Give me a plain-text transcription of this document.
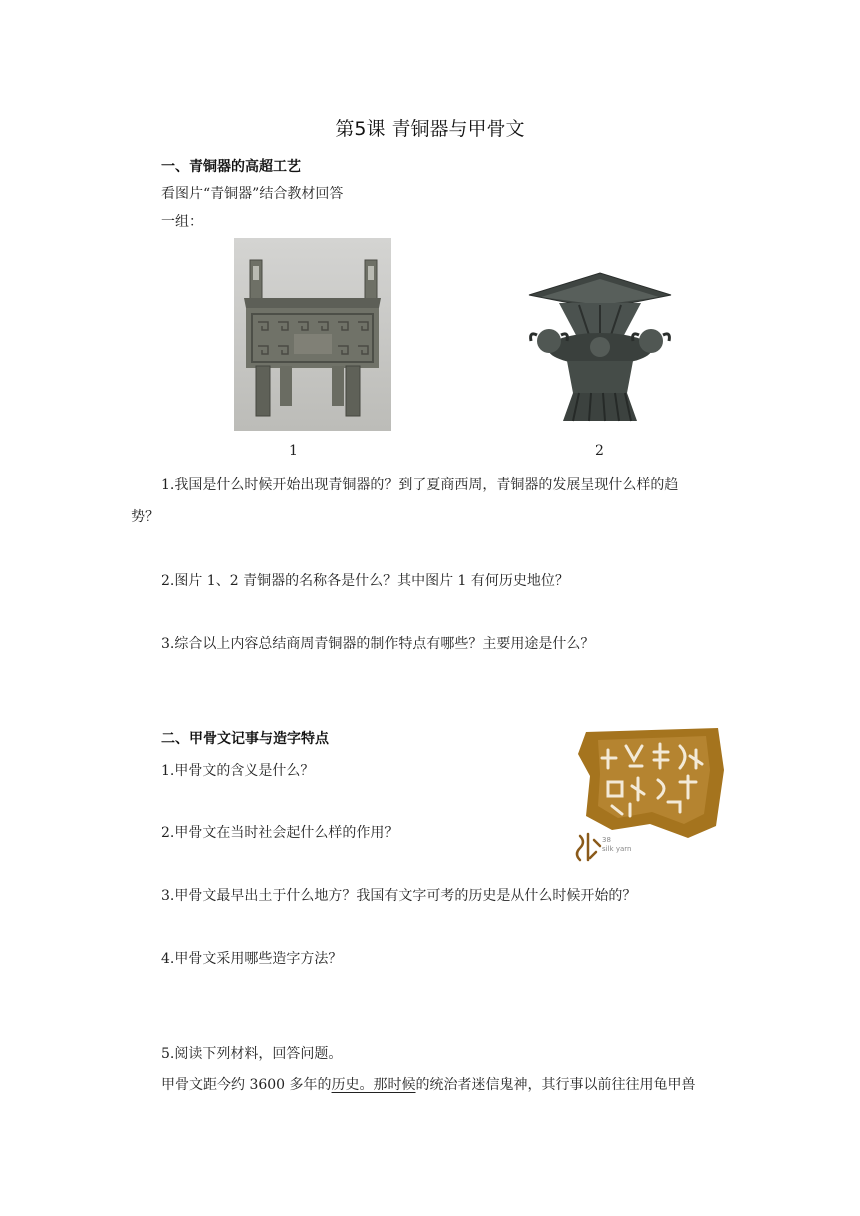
第5课 青铜器与甲骨文
一、青铜器的高超工艺
看图片“青铜器”结合教材回答
一组：
1	2
1.我国是什么时候开始出现青铜器的？到了夏商西周，青铜器的发展呈现什么样的趋
势？
2.图片 1、2 青铜器的名称各是什么？其中图片 1 有何历史地位？
3.综合以上内容总结商周青铜器的制作特点有哪些？主要用途是什么？
二、甲骨文记事与造字特点
1.甲骨文的含义是什么？
2.甲骨文在当时社会起什么样的作用？
3.甲骨文最早出土于什么地方？我国有文字可考的历史是从什么时候开始的？
4.甲骨文采用哪些造字方法？
5.阅读下列材料，回答问题。
甲骨文距今约 3600 多年的历史。那时候的统治者迷信鬼神，其行事以前往往用龟甲兽
38
silk yarn
